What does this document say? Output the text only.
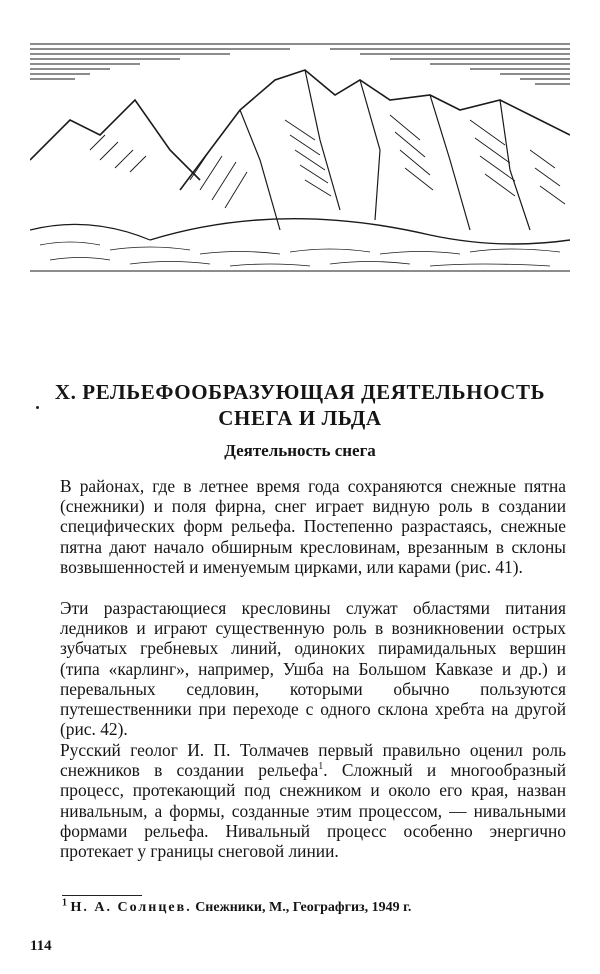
X. РЕЛЬЕФООБРАЗУЮЩАЯ ДЕЯТЕЛЬНОСТЬ
СНЕГА И ЛЬДА
Деятельность снега

В районах, где в летнее время года сохраняются снежные пятна (снежники) и поля фирна, снег играет видную роль в создании специфических форм рельефа. Постепенно разрастаясь, снежные пятна дают начало обширным кресловинам, врезанным в склоны возвышенностей и именуемым цирками, или карами (рис. 41).

Эти разрастающиеся кресловины служат областями питания ледников и играют существенную роль в возникновении острых зубчатых гребневых линий, одиноких пирамидальных вершин (типа «карлинг», например, Ушба на Большом Кавказе и др.) и перевальных седловин, которыми обычно пользуются путешественники при переходе с одного склона хребта на другой (рис. 42).

Русский геолог И. П. Толмачев первый правильно оценил роль снежников в создании рельефа$^1$. Сложный и многообразный процесс, протекающий под снежником и около его края, назван нивальным, а формы, созданные этим процессом, — нивальными формами рельефа. Нивальный процесс особенно энергично протекает у границы снеговой линии.

$^1$ Н. А. Солнцев. Снежники, М., Географгиз, 1949 г.
114
